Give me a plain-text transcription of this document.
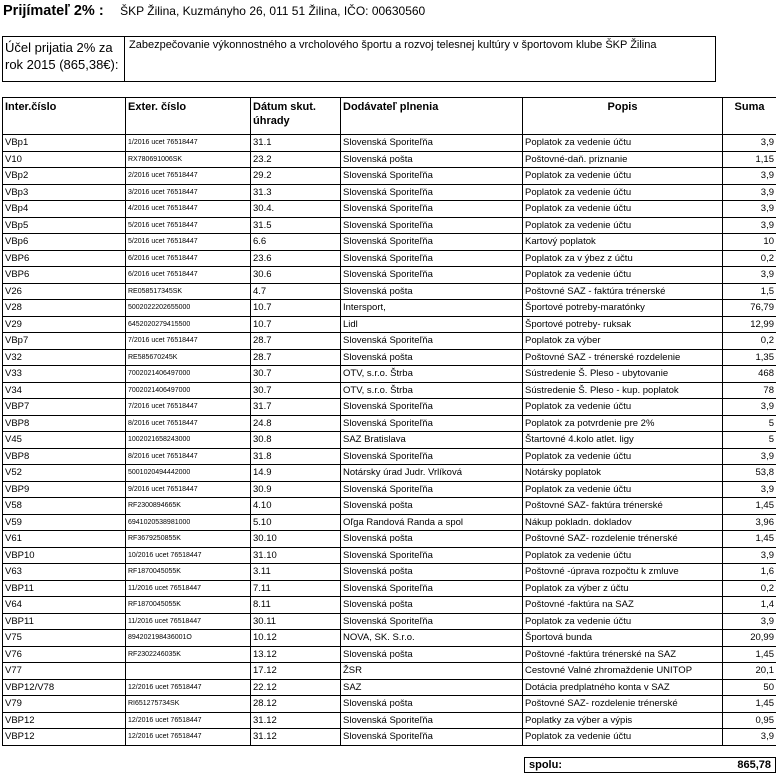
Prijímateľ 2% : ŠKP Žilina, Kuzmányho 26, 011 51 Žilina, IČO: 00630560
Účel prijatia 2% za rok 2015 (865,38€):
Zabezpečovanie výkonnostného a vrcholového športu a rozvoj telesnej kultúry v športovom klube ŠKP Žilina
Inter.číslo	Exter. číslo	Dátum skut. úhrady	Dodávateľ plnenia	Popis	Suma
VBp1	1/2016 ucet 76518447	31.1	Slovenská Sporiteľňa	Poplatok za vedenie účtu	3,9
V10	RX780691006SK	23.2	Slovenská pošta	Poštovné-daň. priznanie	1,15
VBp2	2/2016 ucet 76518447	29.2	Slovenská Sporiteľňa	Poplatok za vedenie účtu	3,9
VBp3	3/2016 ucet 76518447	31.3	Slovenská Sporiteľňa	Poplatok za vedenie účtu	3,9
VBp4	4/2016 ucet 76518447	30.4.	Slovenská Sporiteľňa	Poplatok za vedenie účtu	3,9
VBp5	5/2016 ucet 76518447	31.5	Slovenská Sporiteľňa	Poplatok za vedenie účtu	3,9
VBp6	5/2016 ucet 76518447	6.6	Slovenská Sporiteľňa	Kartový poplatok	10
VBP6	6/2016 ucet 76518447	23.6	Slovenská Sporiteľňa	Poplatok za v ýbez z účtu	0,2
VBP6	6/2016 ucet 76518447	30.6	Slovenská Sporiteľňa	Poplatok za vedenie účtu	3,9
V26	RE058517345SK	4.7	Slovenská pošta	Poštovné SAZ - faktúra trénerské	1,5
V28	5002022202655000	10.7	Intersport,	Športové potreby-maratónky	76,79
V29	6452020279415500	10.7	Lidl	Športové potreby- ruksak	12,99
VBp7	7/2016 ucet 76518447	28.7	Slovenská Sporiteľňa	Poplatok za výber	0,2
V32	RE585670245K	28.7	Slovenská pošta	Poštovné SAZ - trénerské rozdelenie	1,35
V33	7002021406497000	30.7	OTV, s.r.o. Štrba	Sústredenie Š. Pleso - ubytovanie	468
V34	7002021406497000	30.7	OTV, s.r.o. Štrba	Sústredenie Š. Pleso - kup. poplatok	78
VBP7	7/2016 ucet 76518447	31.7	Slovenská Sporiteľňa	Poplatok za vedenie účtu	3,9
VBP8	8/2016 ucet 76518447	24.8	Slovenská Sporiteľňa	Poplatok za potvrdenie pre 2%	5
V45	1002021658243000	30.8	SAZ Bratislava	Štartovné 4.kolo atlet. ligy	5
VBP8	8/2016 ucet 76518447	31.8	Slovenská Sporiteľňa	Poplatok za vedenie účtu	3,9
V52	5001020494442000	14.9	Notársky úrad Judr. Vrlíková	Notársky poplatok	53,8
VBP9	9/2016 ucet 76518447	30.9	Slovenská Sporiteľňa	Poplatok za vedenie účtu	3,9
V58	RF2300894665K	4.10	Slovenská pošta	Poštovné SAZ- faktúra trénerské	1,45
V59	6941020538981000	5.10	Oľga Randová Randa a spol	Nákup pokladn. dokladov	3,96
V61	RF3679250855K	30.10	Slovenská pošta	Poštovné SAZ- rozdelenie trénerské	1,45
VBP10	10/2016 ucet 76518447	31.10	Slovenská Sporiteľňa	Poplatok za vedenie účtu	3,9
V63	RF1870045055K	3.11	Slovenská pošta	Poštovné -úprava rozpočtu k zmluve	1,6
VBP11	11/2016 ucet 76518447	7.11	Slovenská Sporiteľňa	Poplatok za výber z účtu	0,2
V64	RF1870045055K	8.11	Slovenská pošta	Poštovné -faktúra na SAZ	1,4
VBP11	11/2016 ucet 76518447	30.11	Slovenská Sporiteľňa	Poplatok za vedenie účtu	3,9
V75	894202198436001O	10.12	NOVA, SK. S.r.o.	Športová bunda	20,99
V76	RF2302246035K	13.12	Slovenská pošta	Poštovné -faktúra trénerské na SAZ	1,45
V77		17.12	ŽSR	Cestovné Valné zhromaždenie UNITOP	20,1
VBP12/V78	12/2016 ucet 76518447	22.12	SAZ	Dotácia predplatného konta v SAZ	50
V79	RI651275734SK	28.12	Slovenská pošta	Poštovné SAZ- rozdelenie trénerské	1,45
VBP12	12/2016 ucet 76518447	31.12	Slovenská Sporiteľňa	Poplatky za výber a výpis	0,95
VBP12	12/2016 ucet 76518447	31.12	Slovenská Sporiteľňa	Poplatok za vedenie účtu	3,9
spolu:	865,78
